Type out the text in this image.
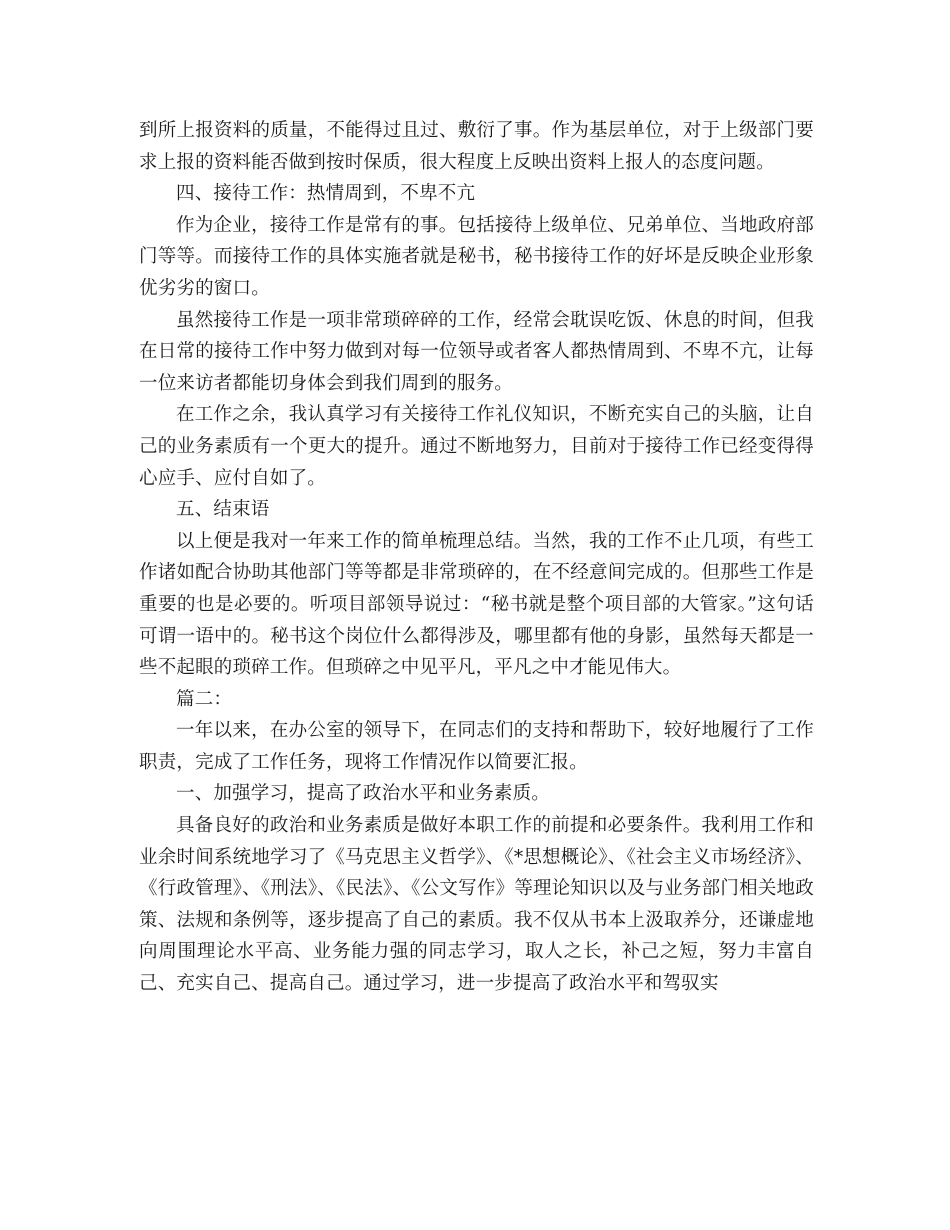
到所上报资料的质量，不能得过且过、敷衍了事。作为基层单位，对于上级部门要求上报的资料能否做到按时保质，很大程度上反映出资料上报人的态度问题。

四、接待工作：热情周到，不卑不亢

作为企业，接待工作是常有的事。包括接待上级单位、兄弟单位、当地政府部门等等。而接待工作的具体实施者就是秘书，秘书接待工作的好坏是反映企业形象优劣劣的窗口。

虽然接待工作是一项非常琐碎碎的工作，经常会耽误吃饭、休息的时间，但我在日常的接待工作中努力做到对每一位领导或者客人都热情周到、不卑不亢，让每一位来访者都能切身体会到我们周到的服务。

在工作之余，我认真学习有关接待工作礼仪知识，不断充实自己的头脑，让自己的业务素质有一个更大的提升。通过不断地努力，目前对于接待工作已经变得得心应手、应付自如了。

五、结束语

以上便是我对一年来工作的简单梳理总结。当然，我的工作不止几项，有些工作诸如配合协助其他部门等等都是非常琐碎的，在不经意间完成的。但那些工作是重要的也是必要的。听项目部领导说过：“秘书就是整个项目部的大管家。”这句话可谓一语中的。秘书这个岗位什么都得涉及，哪里都有他的身影，虽然每天都是一些不起眼的琐碎工作。但琐碎之中见平凡，平凡之中才能见伟大。

篇二：

一年以来，在办公室的领导下，在同志们的支持和帮助下，较好地履行了工作职责，完成了工作任务，现将工作情况作以简要汇报。

一、加强学习，提高了政治水平和业务素质。

具备良好的政治和业务素质是做好本职工作的前提和必要条件。我利用工作和业余时间系统地学习了《马克思主义哲学》、《*思想概论》、《社会主义市场经济》、《行政管理》、《刑法》、《民法》、《公文写作》等理论知识以及与业务部门相关地政策、法规和条例等，逐步提高了自己的素质。我不仅从书本上汲取养分，还谦虚地向周围理论水平高、业务能力强的同志学习，取人之长，补己之短，努力丰富自己、充实自己、提高自己。通过学习，进一步提高了政治水平和驾驭实
